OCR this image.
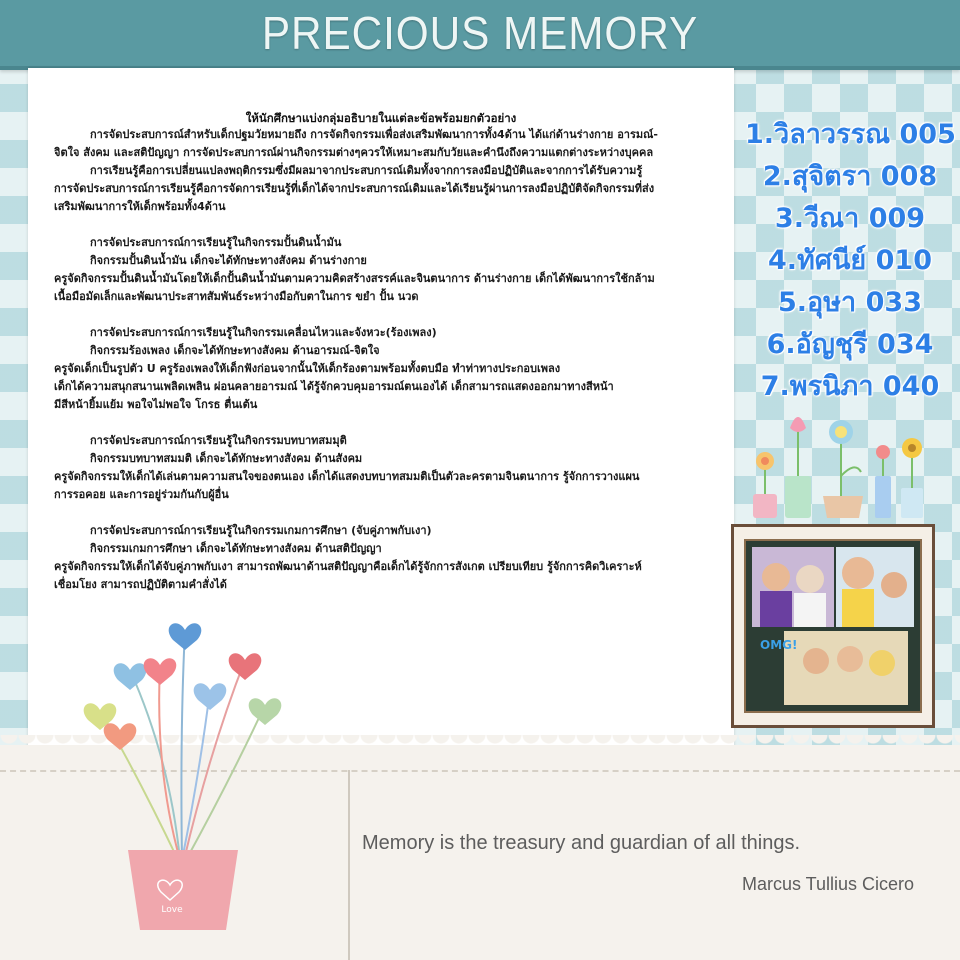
PRECIOUS MEMORY

ให้นักศึกษาแบ่งกลุ่มอธิบายในแต่ละข้อพร้อมยกตัวอย่าง

การจัดประสบการณ์สำหรับเด็กปฐมวัยหมายถึง การจัดกิจกรรมเพื่อส่งเสริมพัฒนาการทั้ง4ด้าน ได้แก่ด้านร่างกาย อารมณ์-

จิตใจ สังคม และสติปัญญา การจัดประสบการณ์ผ่านกิจกรรมต่างๆควรให้เหมาะสมกับวัยและคำนึงถึงความแตกต่างระหว่างบุคคล

การเรียนรู้คือการเปลี่ยนแปลงพฤติกรรมซึ่งมีผลมาจากประสบการณ์เดิมทั้งจากการลงมือปฏิบัติและจากการได้รับความรู้

การจัดประสบการณ์การเรียนรู้คือการจัดการเรียนรู้ที่เด็กได้จากประสบการณ์เดิมและได้เรียนรู้ผ่านการลงมือปฏิบัติจัดกิจกรรมที่ส่ง

เสริมพัฒนาการให้เด็กพร้อมทั้ง4ด้าน

การจัดประสบการณ์การเรียนรู้ในกิจกรรมปั้นดินน้ำมัน

กิจกรรมปั้นดินน้ำมัน เด็กจะได้ทักษะทางสังคม ด้านร่างกาย

ครูจัดกิจกรรมปั้นดินน้ำมันโดยให้เด็กปั้นดินน้ำมันตามความคิดสร้างสรรค์และจินตนาการ ด้านร่างกาย เด็กได้พัฒนาการใช้กล้าม

เนื้อมือมัดเล็กและพัฒนาประสาทสัมพันธ์ระหว่างมือกับตาในการ ขยำ ปั้น นวด

การจัดประสบการณ์การเรียนรู้ในกิจกรรมเคลื่อนไหวและจังหวะ(ร้องเพลง)

กิจกรรมร้องเพลง เด็กจะได้ทักษะทางสังคม ด้านอารมณ์-จิตใจ

ครูจัดเด็กเป็นรูปตัว U ครูร้องเพลงให้เด็กฟังก่อนจากนั้นให้เด็กร้องตามพร้อมทั้งตบมือ ทำท่าทางประกอบเพลง

เด็กได้ความสนุกสนานเพลิดเพลิน ผ่อนคลายอารมณ์ ได้รู้จักควบคุมอารมณ์ตนเองได้ เด็กสามารถแสดงออกมาทางสีหน้า

มีสีหน้ายิ้มแย้ม พอใจไม่พอใจ โกรธ ตื่นเต้น

การจัดประสบการณ์การเรียนรู้ในกิจกรรมบทบาทสมมุติ

กิจกรรมบทบาทสมมติ เด็กจะได้ทักษะทางสังคม ด้านสังคม

ครูจัดกิจกรรมให้เด็กได้เล่นตามความสนใจของตนเอง เด็กได้แสดงบทบาทสมมติเป็นตัวละครตามจินตนาการ รู้จักการวางแผน

การรอคอย และการอยู่ร่วมกันกับผู้อื่น

การจัดประสบการณ์การเรียนรู้ในกิจกรรมเกมการศึกษา (จับคู่ภาพกับเงา)

กิจกรรมเกมการศึกษา เด็กจะได้ทักษะทางสังคม ด้านสติปัญญา

ครูจัดกิจกรรมให้เด็กได้จับคู่ภาพกับเงา สามารถพัฒนาด้านสติปัญญาคือเด็กได้รู้จักการสังเกต เปรียบเทียบ รู้จักการคิดวิเคราะห์

เชื่อมโยง สามารถปฏิบัติตามคำสั่งได้

1.วิลาวรรณ 005
2.สุจิตรา 008
3.วีณา 009
4.ทัศนีย์ 010
5.อุษา 033
6.อัญชุรี 034
7.พรนิภา 040
OMG!
Love
Memory is the treasury and guardian of all things.
Marcus Tullius Cicero
